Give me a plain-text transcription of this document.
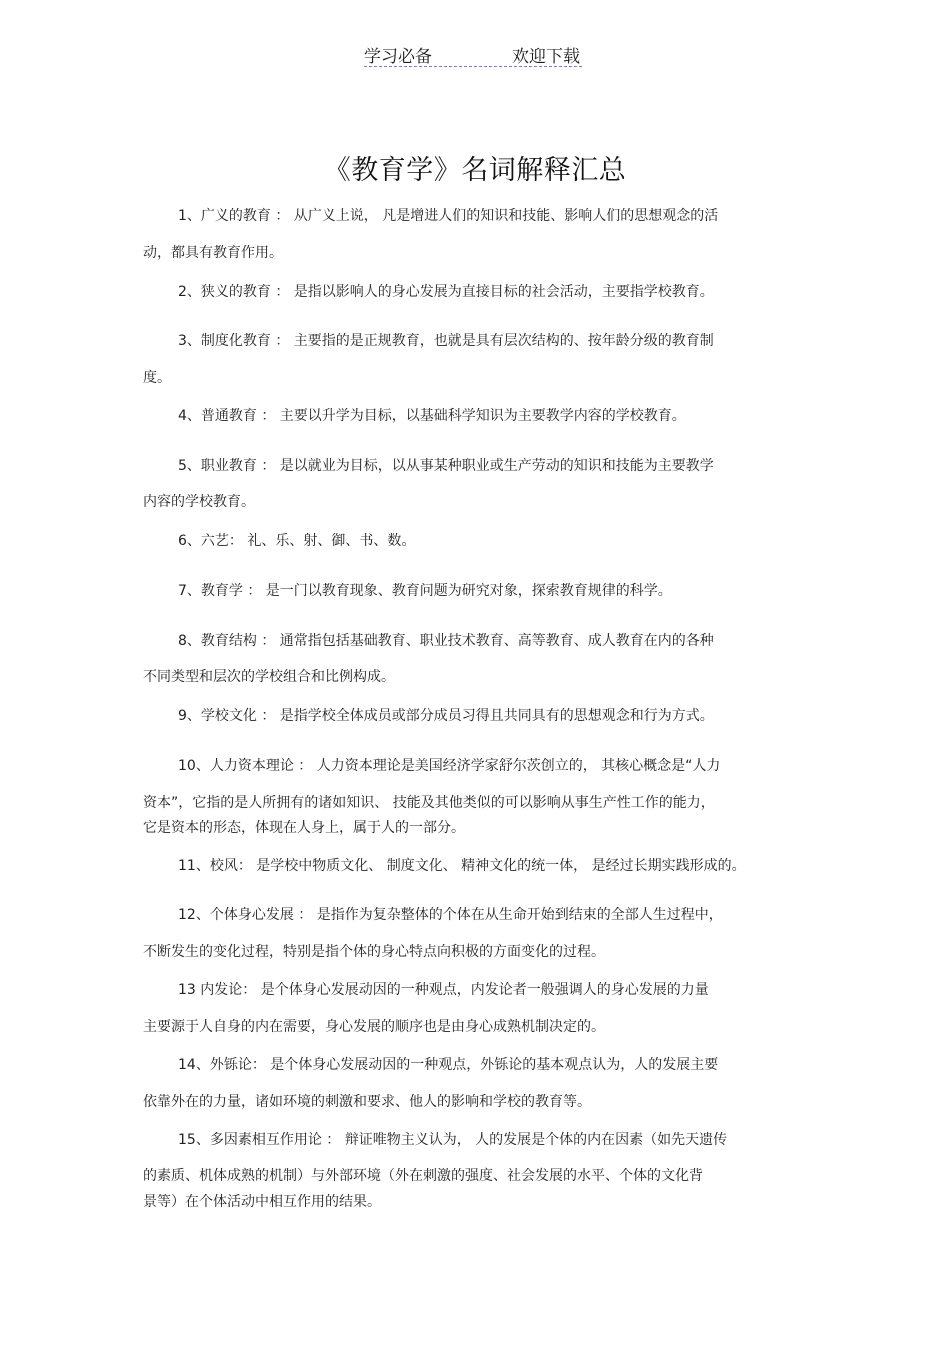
学习必备	欢迎下载
《教育学》名词解释汇总
1、广义的教育 ： 从广义上说， 凡是增进人们的知识和技能、影响人们的思想观念的活
动，都具有教育作用。
2、狭义的教育 ： 是指以影响人的身心发展为直接目标的社会活动，主要指学校教育。
3、制度化教育 ： 主要指的是正规教育，也就是具有层次结构的、按年龄分级的教育制
度。
4、普通教育 ： 主要以升学为目标，以基础科学知识为主要教学内容的学校教育。
5、职业教育 ： 是以就业为目标，以从事某种职业或生产劳动的知识和技能为主要教学
内容的学校教育。
6、六艺： 礼、乐、射、御、书、数。
7、教育学 ： 是一门以教育现象、教育问题为研究对象，探索教育规律的科学。
8、教育结构 ： 通常指包括基础教育、职业技术教育、高等教育、成人教育在内的各种
不同类型和层次的学校组合和比例构成。
9、学校文化 ： 是指学校全体成员或部分成员习得且共同具有的思想观念和行为方式。
10、人力资本理论 ： 人力资本理论是美国经济学家舒尔茨创立的， 其核心概念是“人力
资本”，它指的是人所拥有的诸如知识、 技能及其他类似的可以影响从事生产性工作的能力，
它是资本的形态，体现在人身上，属于人的一部分。
11、校风： 是学校中物质文化、 制度文化、 精神文化的统一体， 是经过长期实践形成的。
12、个体身心发展 ： 是指作为复杂整体的个体在从生命开始到结束的全部人生过程中，
不断发生的变化过程，特别是指个体的身心特点向积极的方面变化的过程。
13 内发论： 是个体身心发展动因的一种观点，内发论者一般强调人的身心发展的力量
主要源于人自身的内在需要，身心发展的顺序也是由身心成熟机制决定的。
14、外铄论： 是个体身心发展动因的一种观点，外铄论的基本观点认为，人的发展主要
依靠外在的力量，诸如环境的刺激和要求、他人的影响和学校的教育等。
15、多因素相互作用论 ： 辩证唯物主义认为， 人的发展是个体的内在因素（如先天遗传
的素质、机体成熟的机制）与外部环境（外在刺激的强度、社会发展的水平、个体的文化背
景等）在个体活动中相互作用的结果。
